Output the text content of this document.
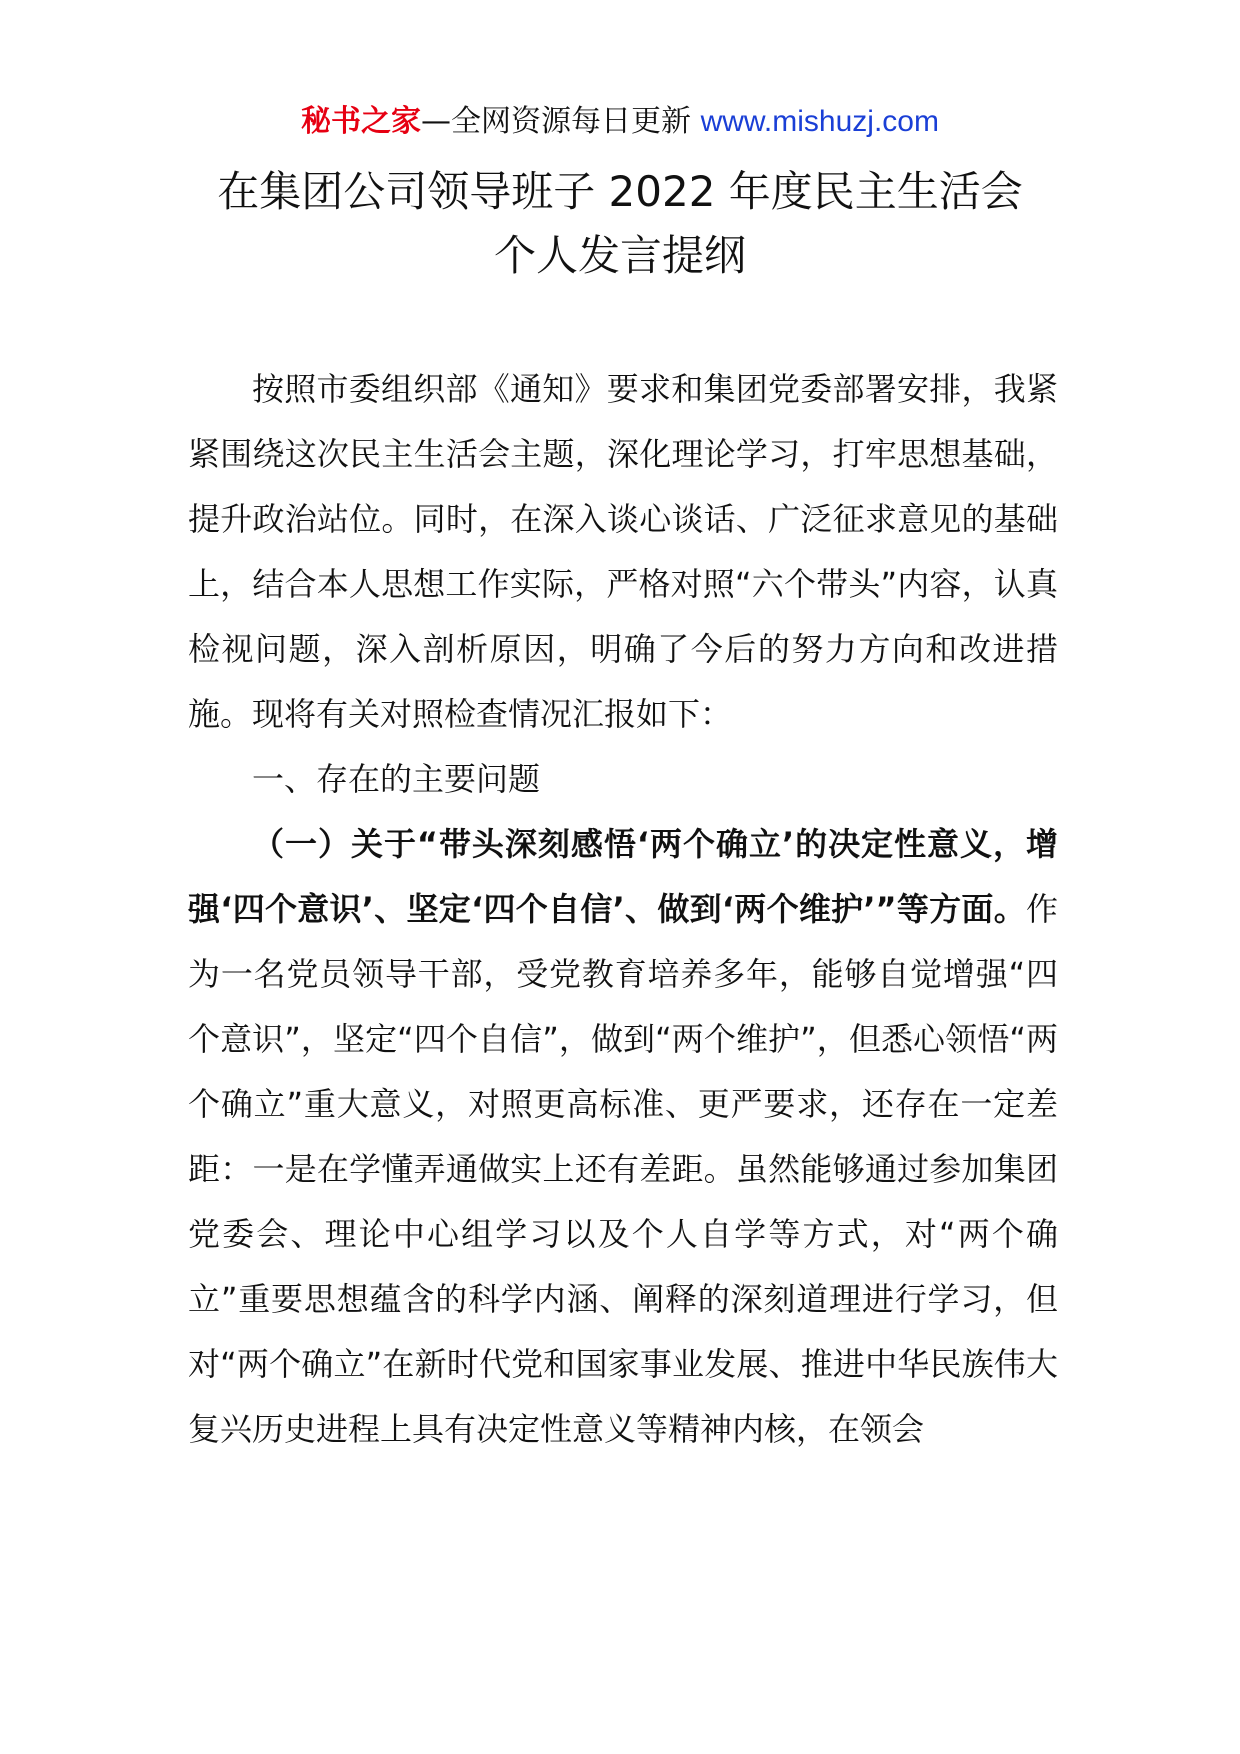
秘书之家—全网资源每日更新 www.mishuzj.com
在集团公司领导班子 2022 年度民主生活会
个人发言提纲

按照市委组织部《通知》要求和集团党委部署安排，我紧紧围绕这次民主生活会主题，深化理论学习，打牢思想基础，提升政治站位。同时，在深入谈心谈话、广泛征求意见的基础上，结合本人思想工作实际，严格对照“六个带头”内容，认真检视问题，深入剖析原因，明确了今后的努力方向和改进措施。现将有关对照检查情况汇报如下：

一、存在的主要问题

（一）关于“带头深刻感悟‘两个确立’的决定性意义，增强‘四个意识’、坚定‘四个自信’、做到‘两个维护’”等方面。作为一名党员领导干部，受党教育培养多年，能够自觉增强“四个意识”，坚定“四个自信”，做到“两个维护”，但悉心领悟“两个确立”重大意义，对照更高标准、更严要求，还存在一定差距：一是在学懂弄通做实上还有差距。虽然能够通过参加集团党委会、理论中心组学习以及个人自学等方式，对“两个确立”重要思想蕴含的科学内涵、阐释的深刻道理进行学习，但对“两个确立”在新时代党和国家事业发展、推进中华民族伟大复兴历史进程上具有决定性意义等精神内核，在领会
